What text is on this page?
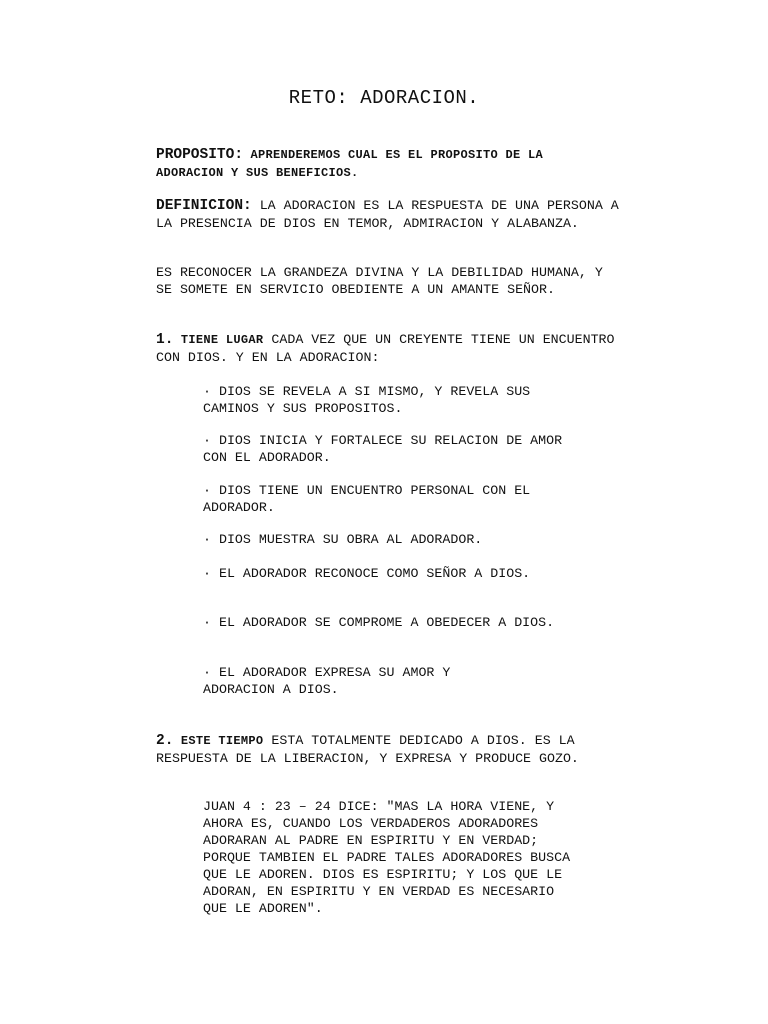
RETO: ADORACION.

PROPOSITO: APRENDEREMOS CUAL ES EL PROPOSITO DE LA ADORACION Y SUS BENEFICIOS.

DEFINICION: LA ADORACION ES LA RESPUESTA DE UNA PERSONA A LA PRESENCIA DE DIOS EN TEMOR, ADMIRACION Y ALABANZA.

ES RECONOCER LA GRANDEZA DIVINA Y LA DEBILIDAD HUMANA, Y SE SOMETE EN SERVICIO OBEDIENTE A UN AMANTE SEÑOR.

1. TIENE LUGAR CADA VEZ QUE UN CREYENTE TIENE UN ENCUENTRO CON DIOS. Y EN LA ADORACION:

· DIOS SE REVELA A SI MISMO, Y REVELA SUS CAMINOS Y SUS PROPOSITOS.

· DIOS INICIA Y FORTALECE SU RELACION DE AMOR CON EL ADORADOR.

· DIOS TIENE UN ENCUENTRO PERSONAL CON EL ADORADOR.

· DIOS MUESTRA SU OBRA AL ADORADOR.

· EL ADORADOR RECONOCE COMO SEÑOR A DIOS.

· EL ADORADOR SE COMPROME A OBEDECER A DIOS.

· EL ADORADOR EXPRESA SU AMOR Y ADORACION A DIOS.

2. ESTE TIEMPO ESTA TOTALMENTE DEDICADO A DIOS. ES LA RESPUESTA DE LA LIBERACION, Y EXPRESA Y PRODUCE GOZO.

JUAN 4 : 23 – 24 DICE: "MAS LA HORA VIENE, Y AHORA ES, CUANDO LOS VERDADEROS ADORADORES ADORARAN AL PADRE EN ESPIRITU Y EN VERDAD; PORQUE TAMBIEN EL PADRE TALES ADORADORES BUSCA QUE LE ADOREN. DIOS ES ESPIRITU; Y LOS QUE LE ADORAN, EN ESPIRITU Y EN VERDAD ES NECESARIO QUE LE ADOREN".
